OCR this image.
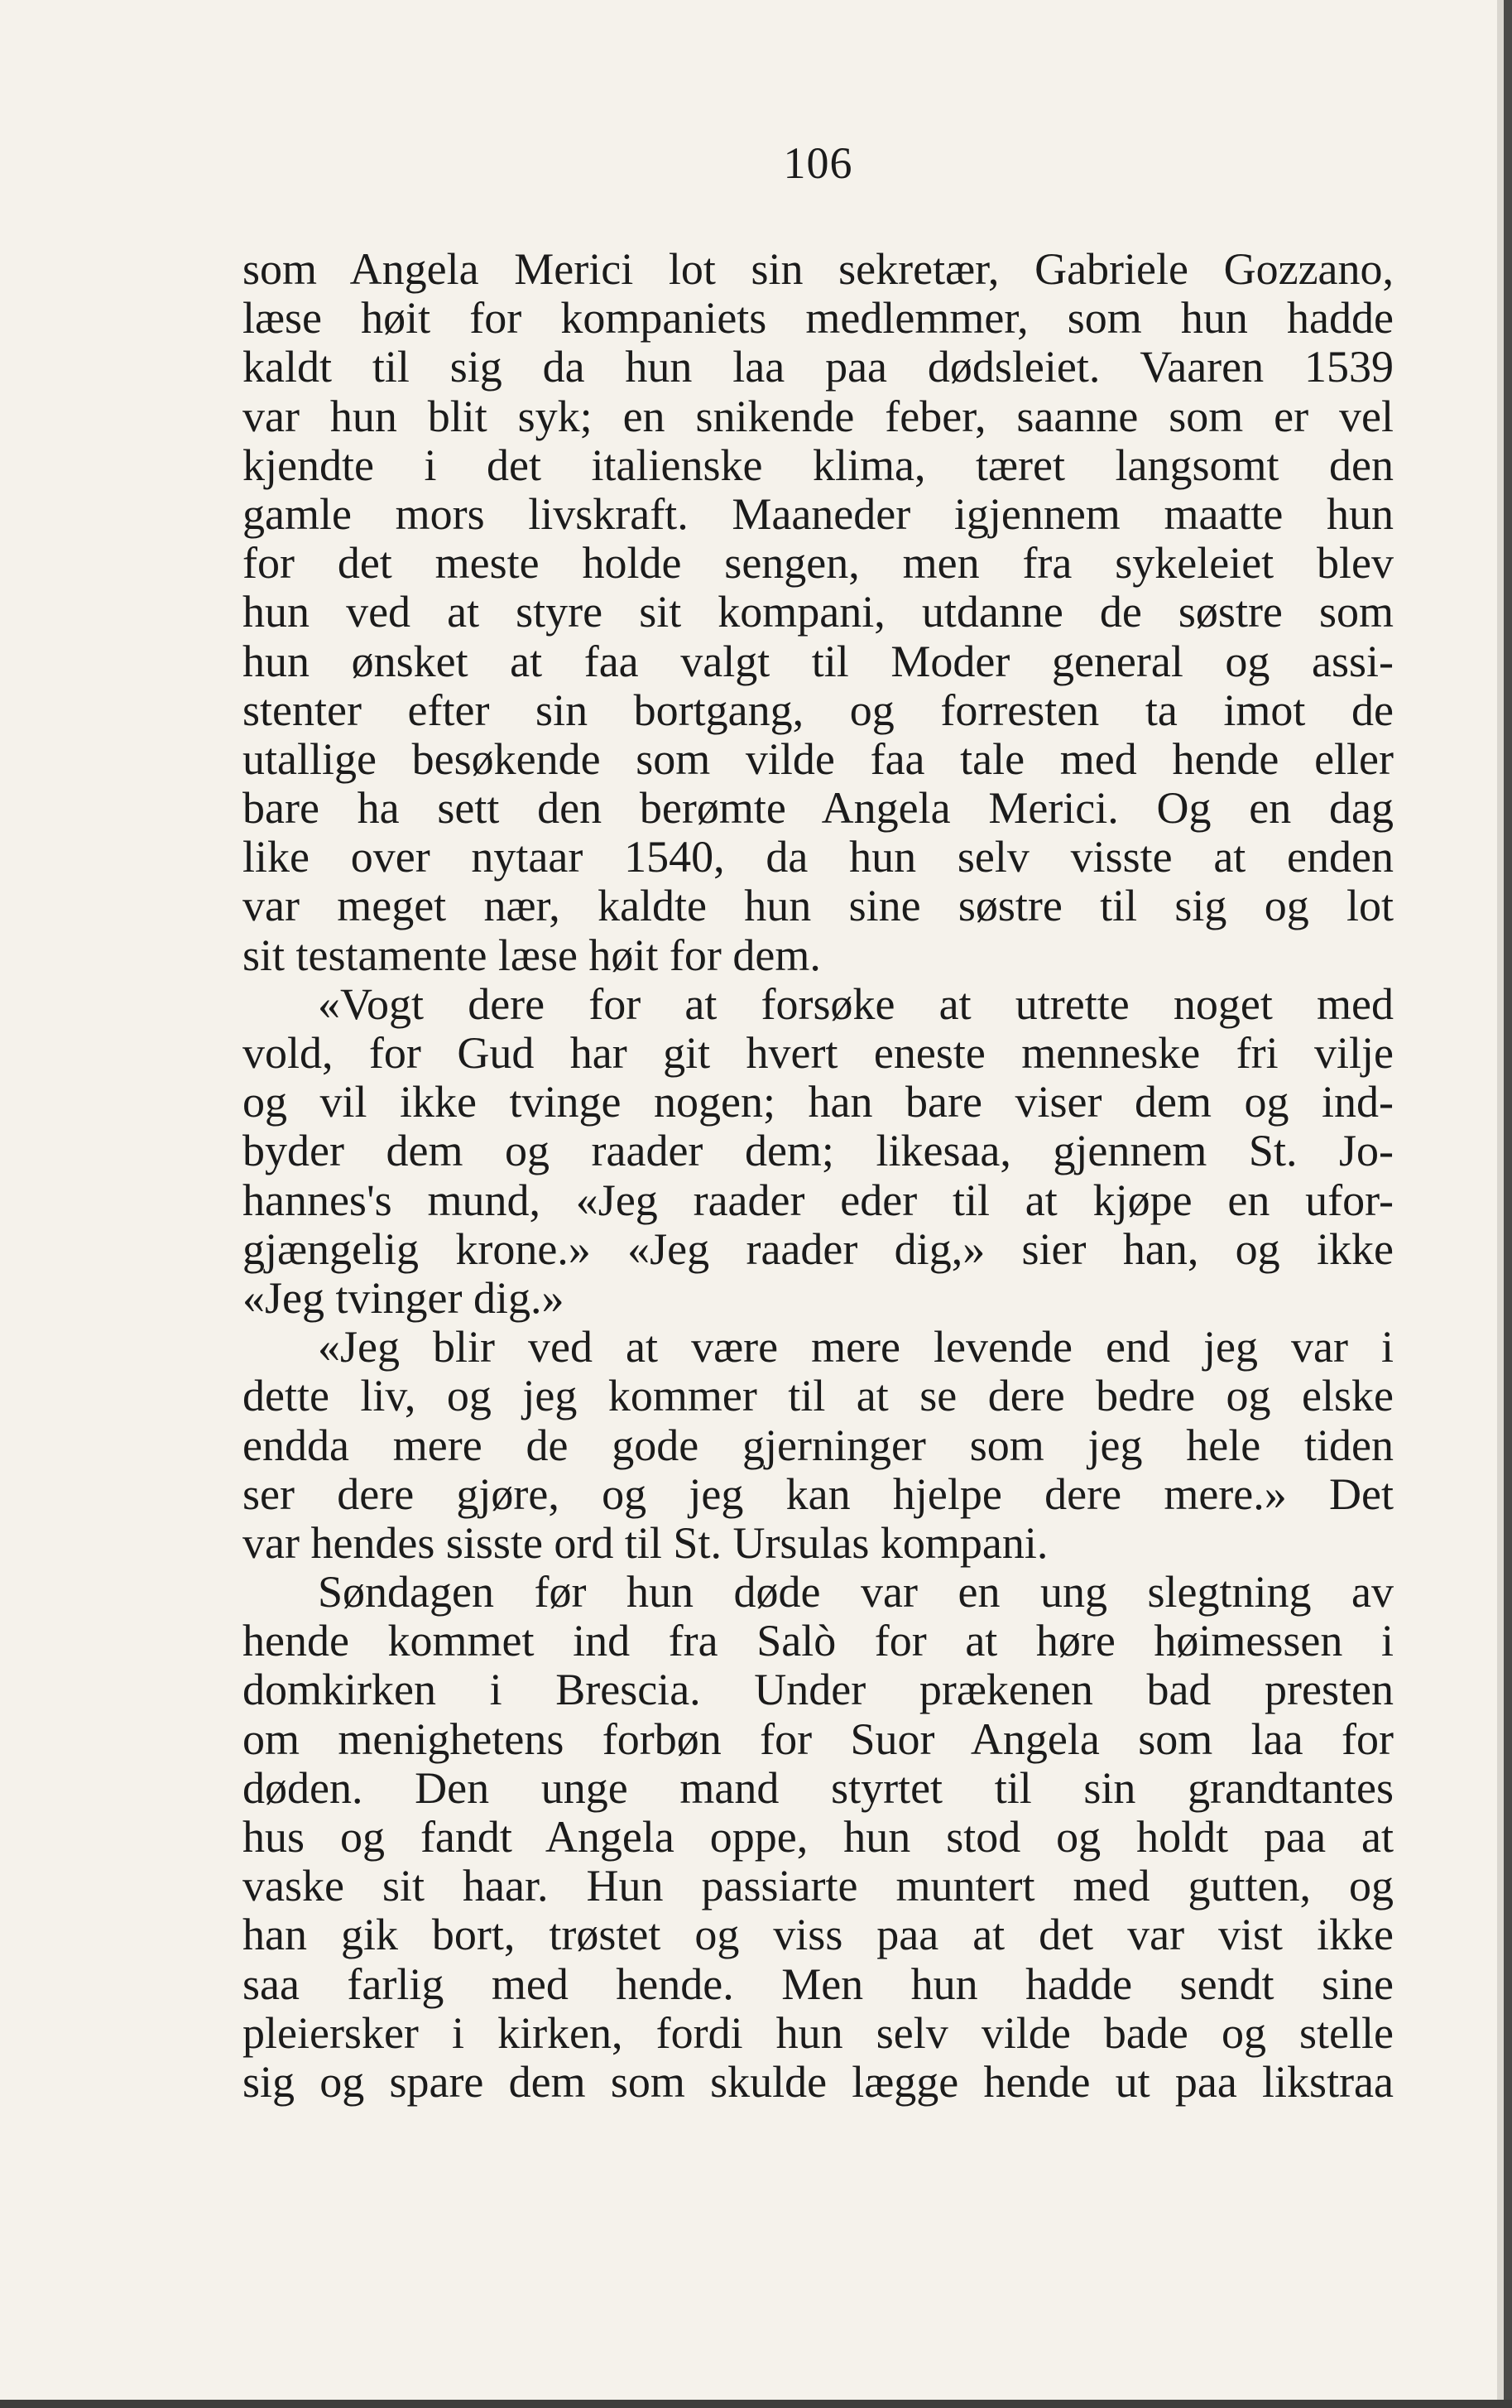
106
som Angela Merici lot sin sekretær, Gabriele Gozzano,
læse høit for kompaniets medlemmer, som hun hadde
kaldt til sig da hun laa paa dødsleiet. Vaaren 1539
var hun blit syk; en snikende feber, saanne som er vel
kjendte i det italienske klima, tæret langsomt den
gamle mors livskraft. Maaneder igjennem maatte hun
for det meste holde sengen, men fra sykeleiet blev
hun ved at styre sit kompani, utdanne de søstre som
hun ønsket at faa valgt til Moder general og assi-
stenter efter sin bortgang, og forresten ta imot de
utallige besøkende som vilde faa tale med hende eller
bare ha sett den berømte Angela Merici. Og en dag
like over nytaar 1540, da hun selv visste at enden
var meget nær, kaldte hun sine søstre til sig og lot
sit testamente læse høit for dem.
«Vogt dere for at forsøke at utrette noget med
vold, for Gud har git hvert eneste menneske fri vilje
og vil ikke tvinge nogen; han bare viser dem og ind-
byder dem og raader dem; likesaa, gjennem St. Jo-
hannes's mund, «Jeg raader eder til at kjøpe en ufor-
gjængelig krone.» «Jeg raader dig,» sier han, og ikke
«Jeg tvinger dig.»
«Jeg blir ved at være mere levende end jeg var i
dette liv, og jeg kommer til at se dere bedre og elske
endda mere de gode gjerninger som jeg hele tiden
ser dere gjøre, og jeg kan hjelpe dere mere.» Det
var hendes sisste ord til St. Ursulas kompani.
Søndagen før hun døde var en ung slegtning av
hende kommet ind fra Salò for at høre høimessen i
domkirken i Brescia. Under prækenen bad presten
om menighetens forbøn for Suor Angela som laa for
døden. Den unge mand styrtet til sin grandtantes
hus og fandt Angela oppe, hun stod og holdt paa at
vaske sit haar. Hun passiarte muntert med gutten, og
han gik bort, trøstet og viss paa at det var vist ikke
saa farlig med hende. Men hun hadde sendt sine
pleiersker i kirken, fordi hun selv vilde bade og stelle
sig og spare dem som skulde lægge hende ut paa likstraa
